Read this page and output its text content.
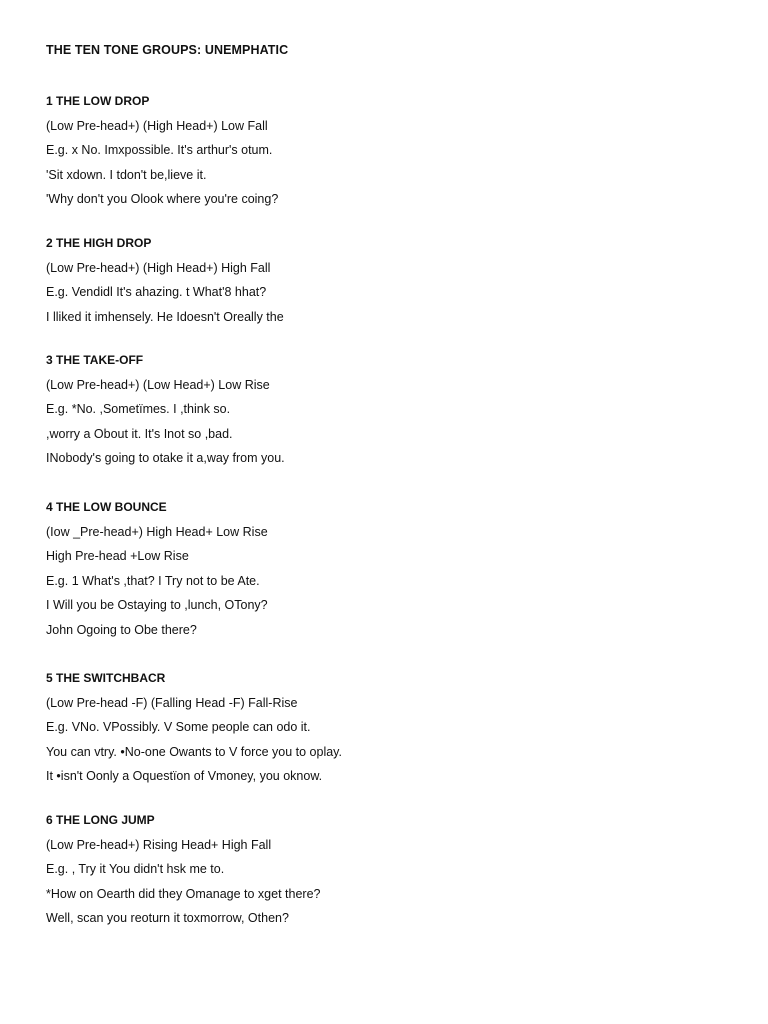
THE TEN TONE GROUPS: UNEMPHATIC
1 THE LOW DROP
(Low Pre-head+) (High Head+) Low Fall
E.g. x No. Imxpossible. It's arthur's otum.
'Sit xdown. I tdon't be,lieve it.
'Why don't you Olook where you're coing?
2 THE HIGH DROP
(Low Pre-head+) (High Head+) High Fall
E.g. Vendidl It's ahazing. t What'8 hhat?
I lliked it imhensely. He Idoesn't Oreally the
3 THE TAKE-OFF
(Low Pre-head+) (Low Head+) Low Rise
E.g. *No. ,Sometïmes. I ,think so.
,worry a Obout it. It's Inot so ,bad.
INobody's going to otake it a,way from you.
4 THE LOW BOUNCE
(Iow _Pre-head+) High Head+ Low Rise
High Pre-head +Low Rise
E.g. 1 What's ,that? I Try not to be Ate.
I Will you be Ostaying to ,lunch, OTony?
John Ogoing to Obe there?
5 THE SWITCHBACR
(Low Pre-head -F) (Falling Head -F) Fall-Rise
E.g. VNo. VPossibly. V Some people can odo it.
You can vtry. •No-one Owants to V force you to oplay.
It •isn't Oonly a Oquestïon of Vmoney, you oknow.
6 THE LONG JUMP
(Low Pre-head+) Rising Head+ High Fall
E.g. , Try it You didn't hsk me to.
*How on Oearth did they Omanage to xget there?
Well, scan you reoturn it toxmorrow, Othen?
